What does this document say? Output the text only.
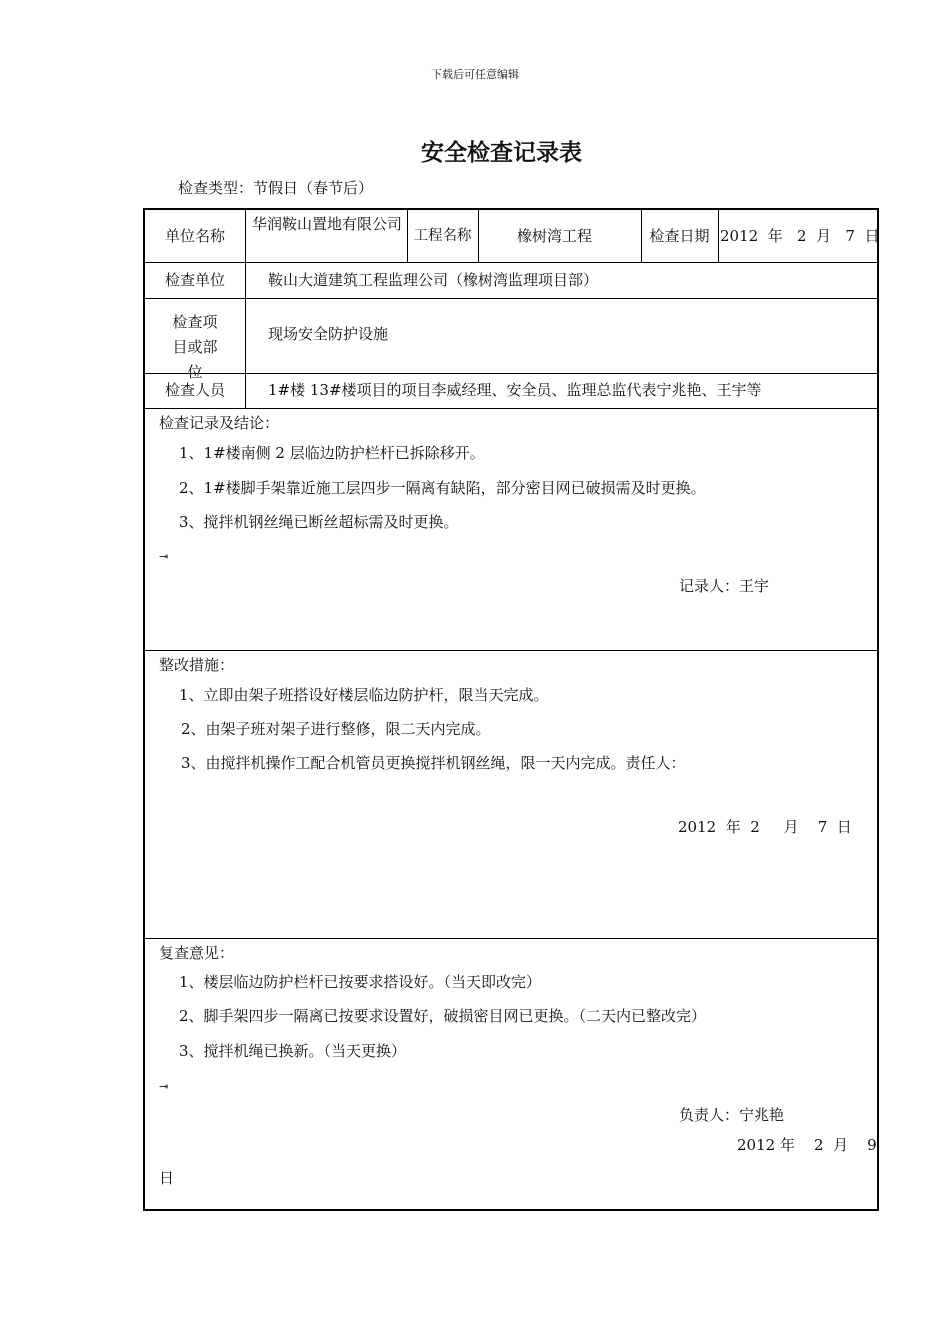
下载后可任意编辑
安全检查记录表
检查类型：节假日（春节后）
单位名称
华润鞍山置地有限公司
工程名称	橡树湾工程	检查日期 2012  年   2  月   7  日
检查单位	鞍山大道建筑工程监理公司（橡树湾监理项目部）
检查项目或部位
现场安全防护设施
检查人员	1#楼 13#楼项目的项目李威经理、安全员、监理总监代表宁兆艳、王宇等
检查记录及结论：
1、1#楼南侧 2 层临边防护栏杆已拆除移开。
2、1#楼脚手架靠近施工层四步一隔离有缺陷，部分密目网已破损需及时更换。
3、搅拌机钢丝绳已断丝超标需及时更换。
⇥
记录人：王宇
整改措施：
1、立即由架子班搭设好楼层临边防护杆，限当天完成。
2、由架子班对架子进行整修，限二天内完成。
3、由搅拌机操作工配合机管员更换搅拌机钢丝绳，限一天内完成。责任人：
2012  年  2     月    7  日
复查意见：
1、楼层临边防护栏杆已按要求搭设好。（当天即改完）
2、脚手架四步一隔离已按要求设置好，破损密目网已更换。（二天内已整改完）
3、搅拌机绳已换新。（当天更换）
⇥
负责人：宁兆艳
2012 年    2  月    9
日
